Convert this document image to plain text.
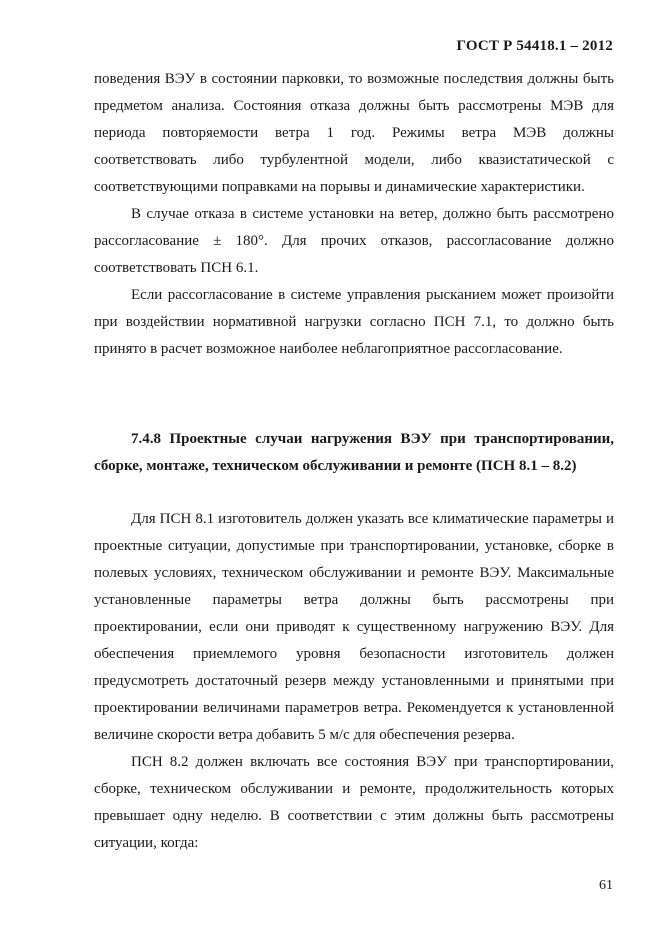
ГОСТ Р 54418.1 – 2012

поведения ВЭУ в состоянии парковки, то возможные последствия должны быть предметом анализа. Состояния отказа должны быть рассмотрены МЭВ для периода повторяемости ветра 1 год. Режимы ветра МЭВ должны соответствовать либо турбулентной модели, либо квазистатической с соответствующими поправками на порывы и динамические характеристики.

В случае отказа в системе установки на ветер, должно быть рассмотрено рассогласование ± 180°. Для прочих отказов, рассогласование должно соответствовать ПСН 6.1.

Если рассогласование в системе управления рысканием может произойти при воздействии нормативной нагрузки согласно ПСН 7.1, то должно быть принято в расчет возможное наиболее неблагоприятное рассогласование.

7.4.8 Проектные случаи нагружения ВЭУ при транспортировании, сборке, монтаже, техническом обслуживании и ремонте (ПСН 8.1 – 8.2)

Для ПСН 8.1 изготовитель должен указать все климатические параметры и проектные ситуации, допустимые при транспортировании, установке, сборке в полевых условиях, техническом обслуживании и ремонте ВЭУ. Максимальные установленные параметры ветра должны быть рассмотрены при проектировании, если они приводят к существенному нагружению ВЭУ. Для обеспечения приемлемого уровня безопасности изготовитель должен предусмотреть достаточный резерв между установленными и принятыми при проектировании величинами параметров ветра. Рекомендуется к установленной величине скорости ветра добавить 5 м/с для обеспечения резерва.

ПСН 8.2 должен включать все состояния ВЭУ при транспортировании, сборке, техническом обслуживании и ремонте, продолжительность которых превышает одну неделю. В соответствии с этим должны быть рассмотрены ситуации, когда:

61
